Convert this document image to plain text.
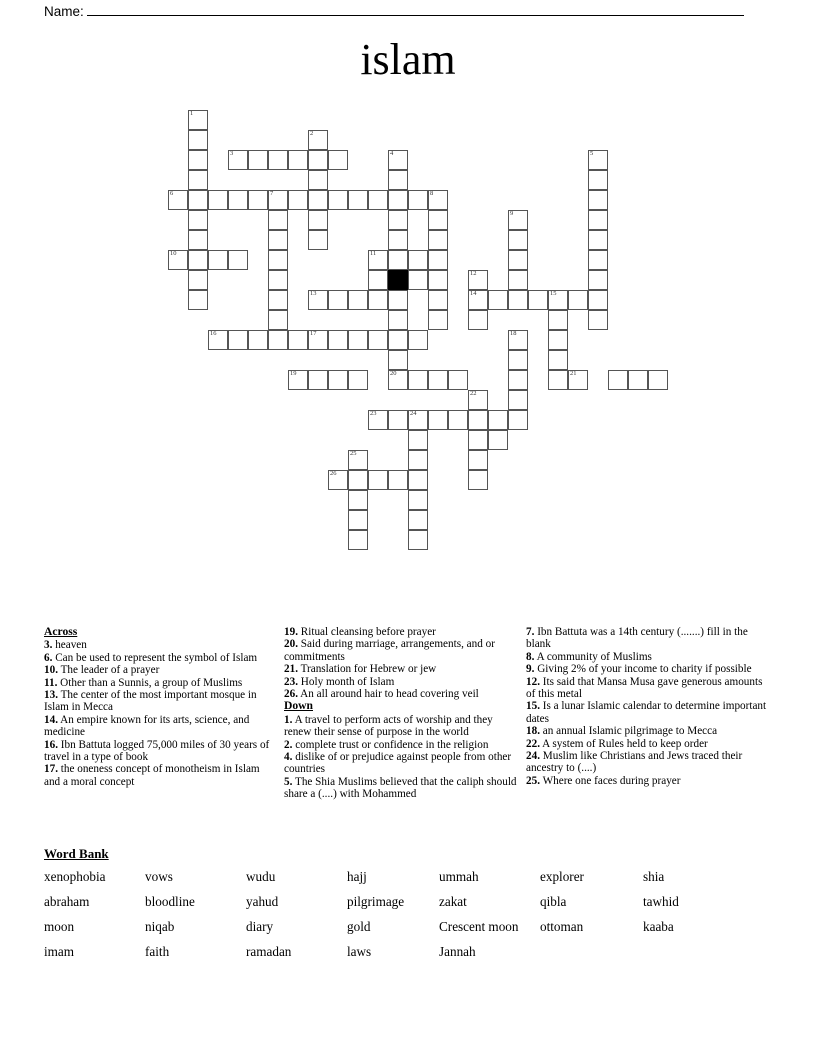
Name:
islam
1
2
3	4	5
6	7	8
9
10	11
12
13	14	15
16	17	18
19	20	21
22
23	24
25
26
Across

3. heaven

6. Can be used to represent the symbol of Islam

10. The leader of a prayer

11. Other than a Sunnis, a group of Muslims

13. The center of the most important mosque in Islam in Mecca

14. An empire known for its arts, science, and medicine

16. Ibn Battuta logged 75,000 miles of 30 years of travel in a type of book

17. the oneness concept of monotheism in Islam and a moral concept

19. Ritual cleansing before prayer

20. Said during marriage, arrangements, and or commitments

21. Translation for Hebrew or jew

23. Holy month of Islam

26. An all around hair to head covering veil

Down

1. A travel to perform acts of worship and they renew their sense of purpose in the world

2. complete trust or confidence in the religion

4. dislike of or prejudice against people from other countries

5. The Shia Muslims believed that the caliph should share a (....) with Mohammed

7. Ibn Battuta was a 14th century (.......) fill in the blank

8. A community of Muslims

9. Giving 2% of your income to charity if possible

12. Its said that Mansa Musa gave generous amounts of this metal

15. Is a lunar Islamic calendar to determine important dates

18. an annual Islamic pilgrimage to Mecca

22. A system of Rules held to keep order

24. Muslim like Christians and Jews traced their ancestry to (....)

25. Where one faces during prayer

Word Bank
xenophobia	vows	wudu	hajj	ummah	explorer	shia
abraham	bloodline	yahud	pilgrimage	zakat	qibla	tawhid
moon	niqab	diary	gold	Crescent moon	ottoman	kaaba
imam	faith	ramadan	laws	Jannah
